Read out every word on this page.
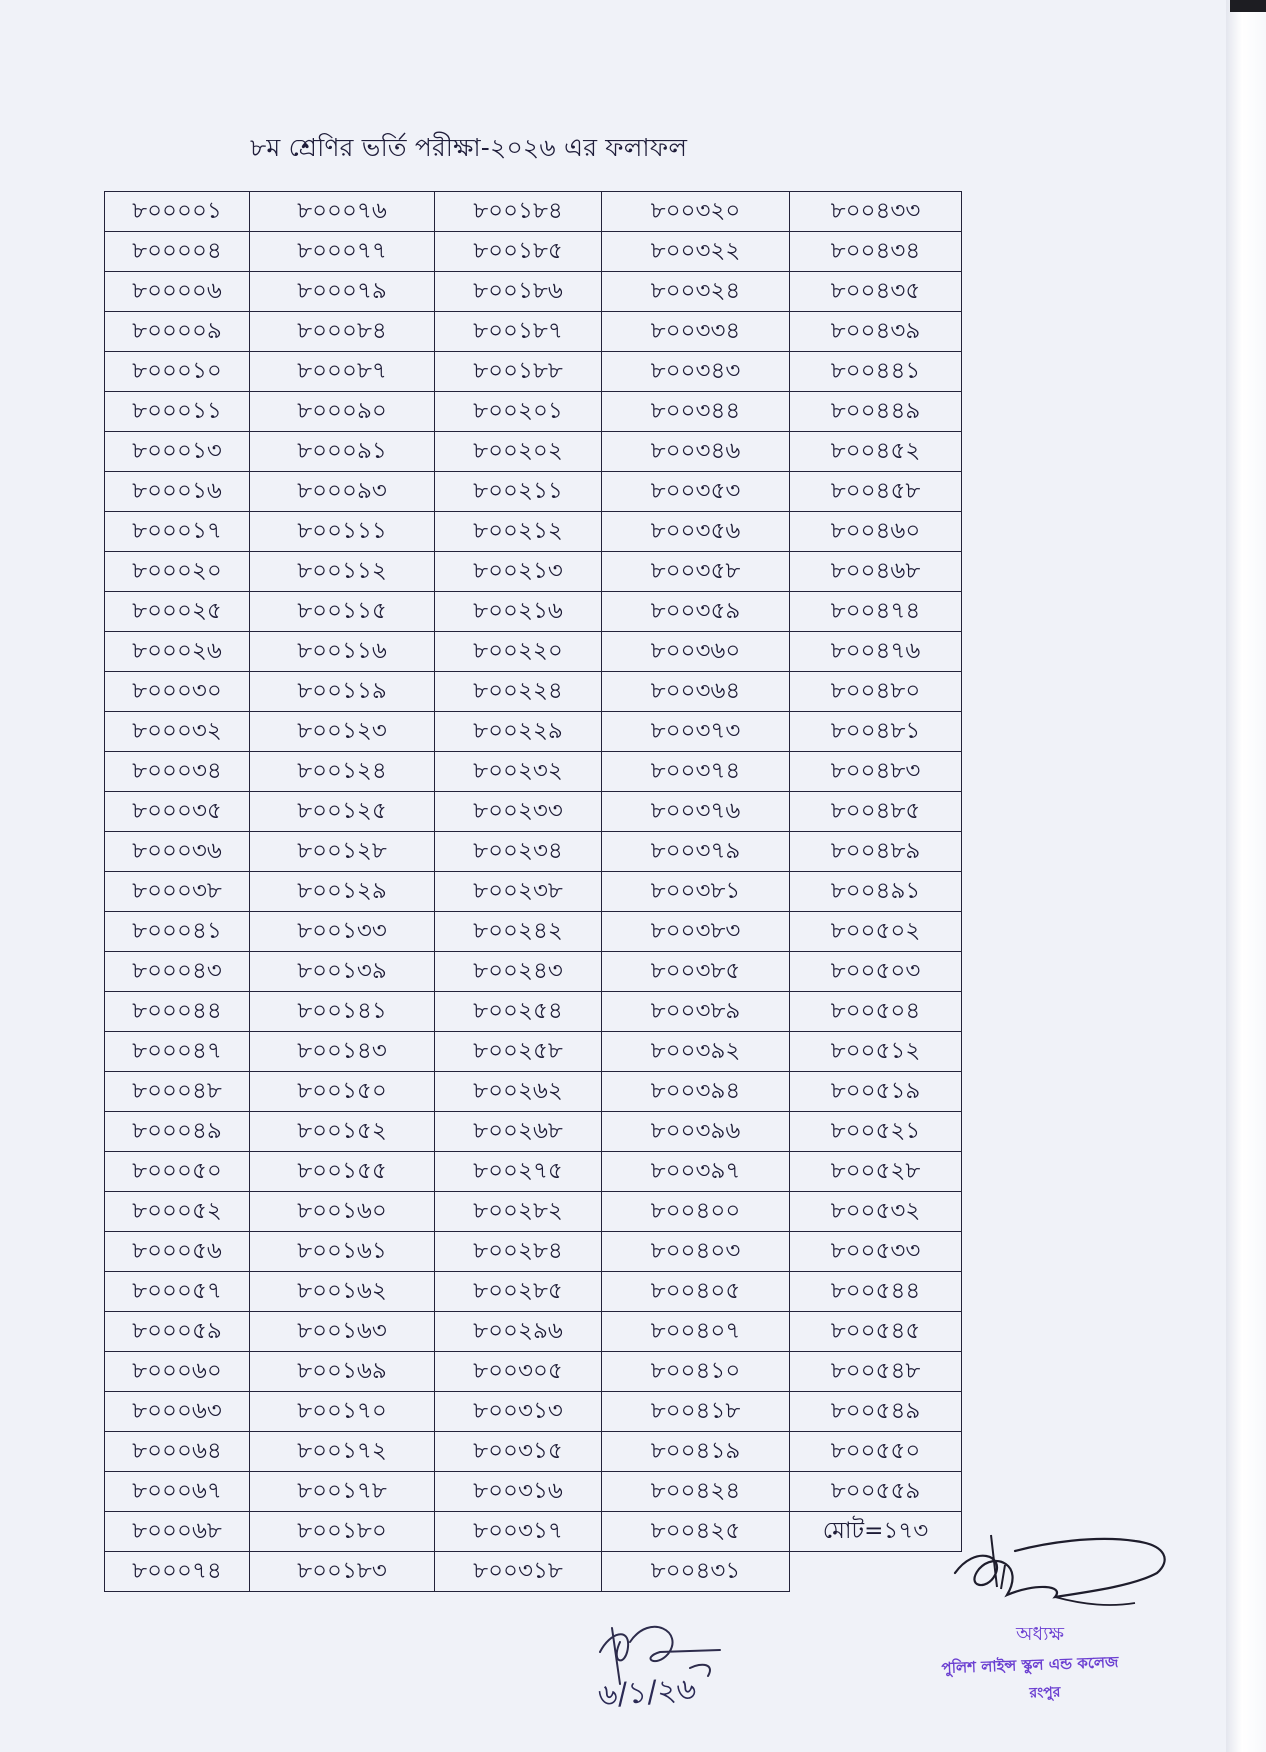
৮ম শ্রেণির ভর্তি পরীক্ষা-২০২৬ এর ফলাফল
৮০০০০১	৮০০০৭৬	৮০০১৮৪	৮০০৩২০	৮০০৪৩৩
৮০০০০৪	৮০০০৭৭	৮০০১৮৫	৮০০৩২২	৮০০৪৩৪
৮০০০০৬	৮০০০৭৯	৮০০১৮৬	৮০০৩২৪	৮০০৪৩৫
৮০০০০৯	৮০০০৮৪	৮০০১৮৭	৮০০৩৩৪	৮০০৪৩৯
৮০০০১০	৮০০০৮৭	৮০০১৮৮	৮০০৩৪৩	৮০০৪৪১
৮০০০১১	৮০০০৯০	৮০০২০১	৮০০৩৪৪	৮০০৪৪৯
৮০০০১৩	৮০০০৯১	৮০০২০২	৮০০৩৪৬	৮০০৪৫২
৮০০০১৬	৮০০০৯৩	৮০০২১১	৮০০৩৫৩	৮০০৪৫৮
৮০০০১৭	৮০০১১১	৮০০২১২	৮০০৩৫৬	৮০০৪৬০
৮০০০২০	৮০০১১২	৮০০২১৩	৮০০৩৫৮	৮০০৪৬৮
৮০০০২৫	৮০০১১৫	৮০০২১৬	৮০০৩৫৯	৮০০৪৭৪
৮০০০২৬	৮০০১১৬	৮০০২২০	৮০০৩৬০	৮০০৪৭৬
৮০০০৩০	৮০০১১৯	৮০০২২৪	৮০০৩৬৪	৮০০৪৮০
৮০০০৩২	৮০০১২৩	৮০০২২৯	৮০০৩৭৩	৮০০৪৮১
৮০০০৩৪	৮০০১২৪	৮০০২৩২	৮০০৩৭৪	৮০০৪৮৩
৮০০০৩৫	৮০০১২৫	৮০০২৩৩	৮০০৩৭৬	৮০০৪৮৫
৮০০০৩৬	৮০০১২৮	৮০০২৩৪	৮০০৩৭৯	৮০০৪৮৯
৮০০০৩৮	৮০০১২৯	৮০০২৩৮	৮০০৩৮১	৮০০৪৯১
৮০০০৪১	৮০০১৩৩	৮০০২৪২	৮০০৩৮৩	৮০০৫০২
৮০০০৪৩	৮০০১৩৯	৮০০২৪৩	৮০০৩৮৫	৮০০৫০৩
৮০০০৪৪	৮০০১৪১	৮০০২৫৪	৮০০৩৮৯	৮০০৫০৪
৮০০০৪৭	৮০০১৪৩	৮০০২৫৮	৮০০৩৯২	৮০০৫১২
৮০০০৪৮	৮০০১৫০	৮০০২৬২	৮০০৩৯৪	৮০০৫১৯
৮০০০৪৯	৮০০১৫২	৮০০২৬৮	৮০০৩৯৬	৮০০৫২১
৮০০০৫০	৮০০১৫৫	৮০০২৭৫	৮০০৩৯৭	৮০০৫২৮
৮০০০৫২	৮০০১৬০	৮০০২৮২	৮০০৪০০	৮০০৫৩২
৮০০০৫৬	৮০০১৬১	৮০০২৮৪	৮০০৪০৩	৮০০৫৩৩
৮০০০৫৭	৮০০১৬২	৮০০২৮৫	৮০০৪০৫	৮০০৫৪৪
৮০০০৫৯	৮০০১৬৩	৮০০২৯৬	৮০০৪০৭	৮০০৫৪৫
৮০০০৬০	৮০০১৬৯	৮০০৩০৫	৮০০৪১০	৮০০৫৪৮
৮০০০৬৩	৮০০১৭০	৮০০৩১৩	৮০০৪১৮	৮০০৫৪৯
৮০০০৬৪	৮০০১৭২	৮০০৩১৫	৮০০৪১৯	৮০০৫৫০
৮০০০৬৭	৮০০১৭৮	৮০০৩১৬	৮০০৪২৪	৮০০৫৫৯
৮০০০৬৮	৮০০১৮০	৮০০৩১৭	৮০০৪২৫	মোট=১৭৩
৮০০০৭৪	৮০০১৮৩	৮০০৩১৮	৮০০৪৩১	
অধ্যক্ষ
পুলিশ লাইন্স স্কুল এন্ড কলেজ
রংপুর
৬/১/২৬
